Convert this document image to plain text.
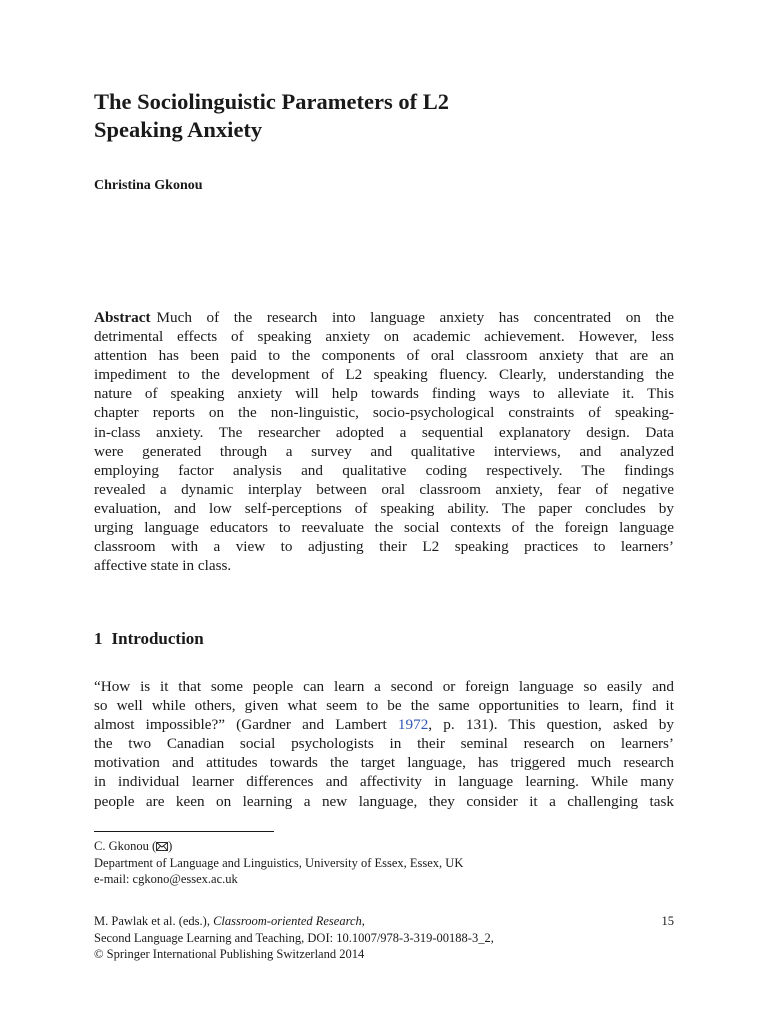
The Sociolinguistic Parameters of L2
Speaking Anxiety
Christina Gkonou
Abstract Much of the research into language anxiety has concentrated on the
detrimental effects of speaking anxiety on academic achievement. However, less
attention has been paid to the components of oral classroom anxiety that are an
impediment to the development of L2 speaking fluency. Clearly, understanding the
nature of speaking anxiety will help towards finding ways to alleviate it. This
chapter reports on the non-linguistic, socio-psychological constraints of speaking-
in-class anxiety. The researcher adopted a sequential explanatory design. Data
were generated through a survey and qualitative interviews, and analyzed
employing factor analysis and qualitative coding respectively. The findings
revealed a dynamic interplay between oral classroom anxiety, fear of negative
evaluation, and low self-perceptions of speaking ability. The paper concludes by
urging language educators to reevaluate the social contexts of the foreign language
classroom with a view to adjusting their L2 speaking practices to learners’
affective state in class.
1 Introduction
“How is it that some people can learn a second or foreign language so easily and
so well while others, given what seem to be the same opportunities to learn, find it
almost impossible?” (Gardner and Lambert 1972, p. 131). This question, asked by
the two Canadian social psychologists in their seminal research on learners’
motivation and attitudes towards the target language, has triggered much research
in individual learner differences and affectivity in language learning. While many
people are keen on learning a new language, they consider it a challenging task
C. Gkonou ( )
Department of Language and Linguistics, University of Essex, Essex, UK
e-mail: cgkono@essex.ac.uk
M. Pawlak et al. (eds.), Classroom-oriented Research,
Second Language Learning and Teaching, DOI: 10.1007/978-3-319-00188-3_2,
© Springer International Publishing Switzerland 2014
15
